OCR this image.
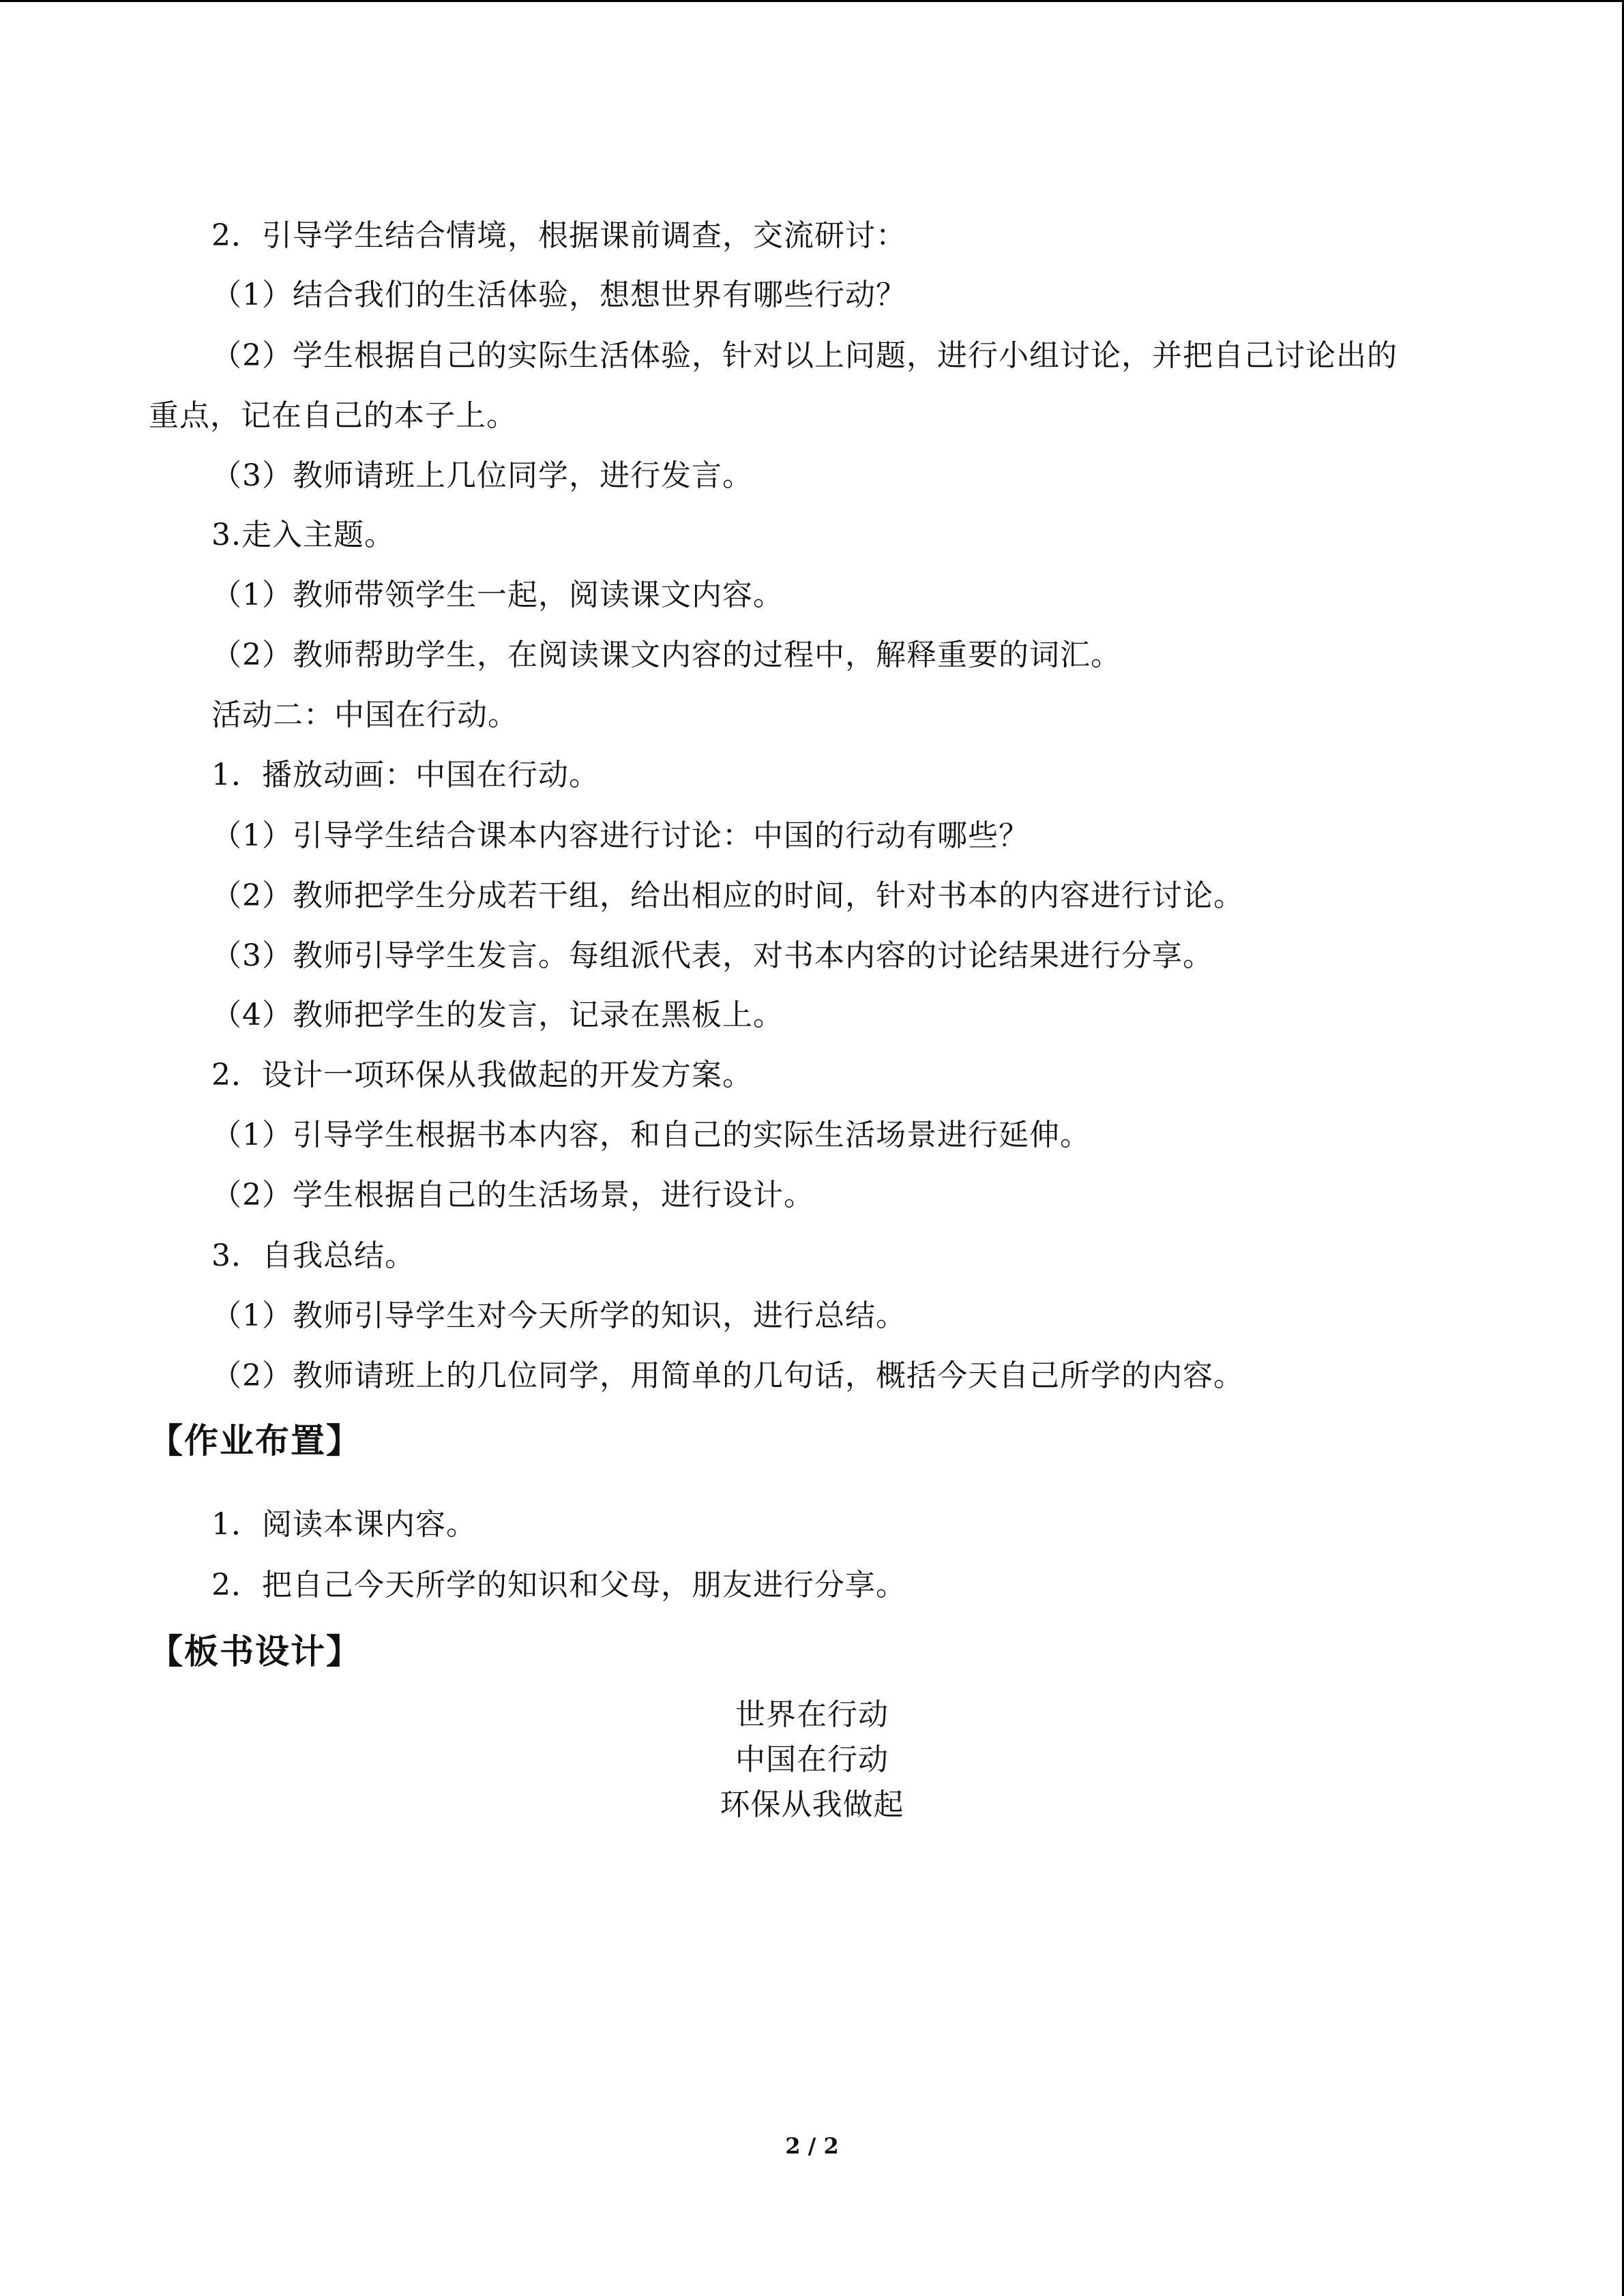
2．引导学生结合情境，根据课前调查，交流研讨：
（1）结合我们的生活体验，想想世界有哪些行动？
（2）学生根据自己的实际生活体验，针对以上问题，进行小组讨论，并把自己讨论出的
重点，记在自己的本子上。
（3）教师请班上几位同学，进行发言。
3.走入主题。
（1）教师带领学生一起，阅读课文内容。
（2）教师帮助学生，在阅读课文内容的过程中，解释重要的词汇。
活动二：中国在行动。
1．播放动画：中国在行动。
（1）引导学生结合课本内容进行讨论：中国的行动有哪些？
（2）教师把学生分成若干组，给出相应的时间，针对书本的内容进行讨论。
（3）教师引导学生发言。每组派代表，对书本内容的讨论结果进行分享。
（4）教师把学生的发言，记录在黑板上。
2．设计一项环保从我做起的开发方案。
（1）引导学生根据书本内容，和自己的实际生活场景进行延伸。
（2）学生根据自己的生活场景，进行设计。
3．自我总结。
（1）教师引导学生对今天所学的知识，进行总结。
（2）教师请班上的几位同学，用简单的几句话，概括今天自己所学的内容。
【作业布置】
1．阅读本课内容。
2．把自己今天所学的知识和父母，朋友进行分享。
【板书设计】
世界在行动
中国在行动
环保从我做起
2 / 2
